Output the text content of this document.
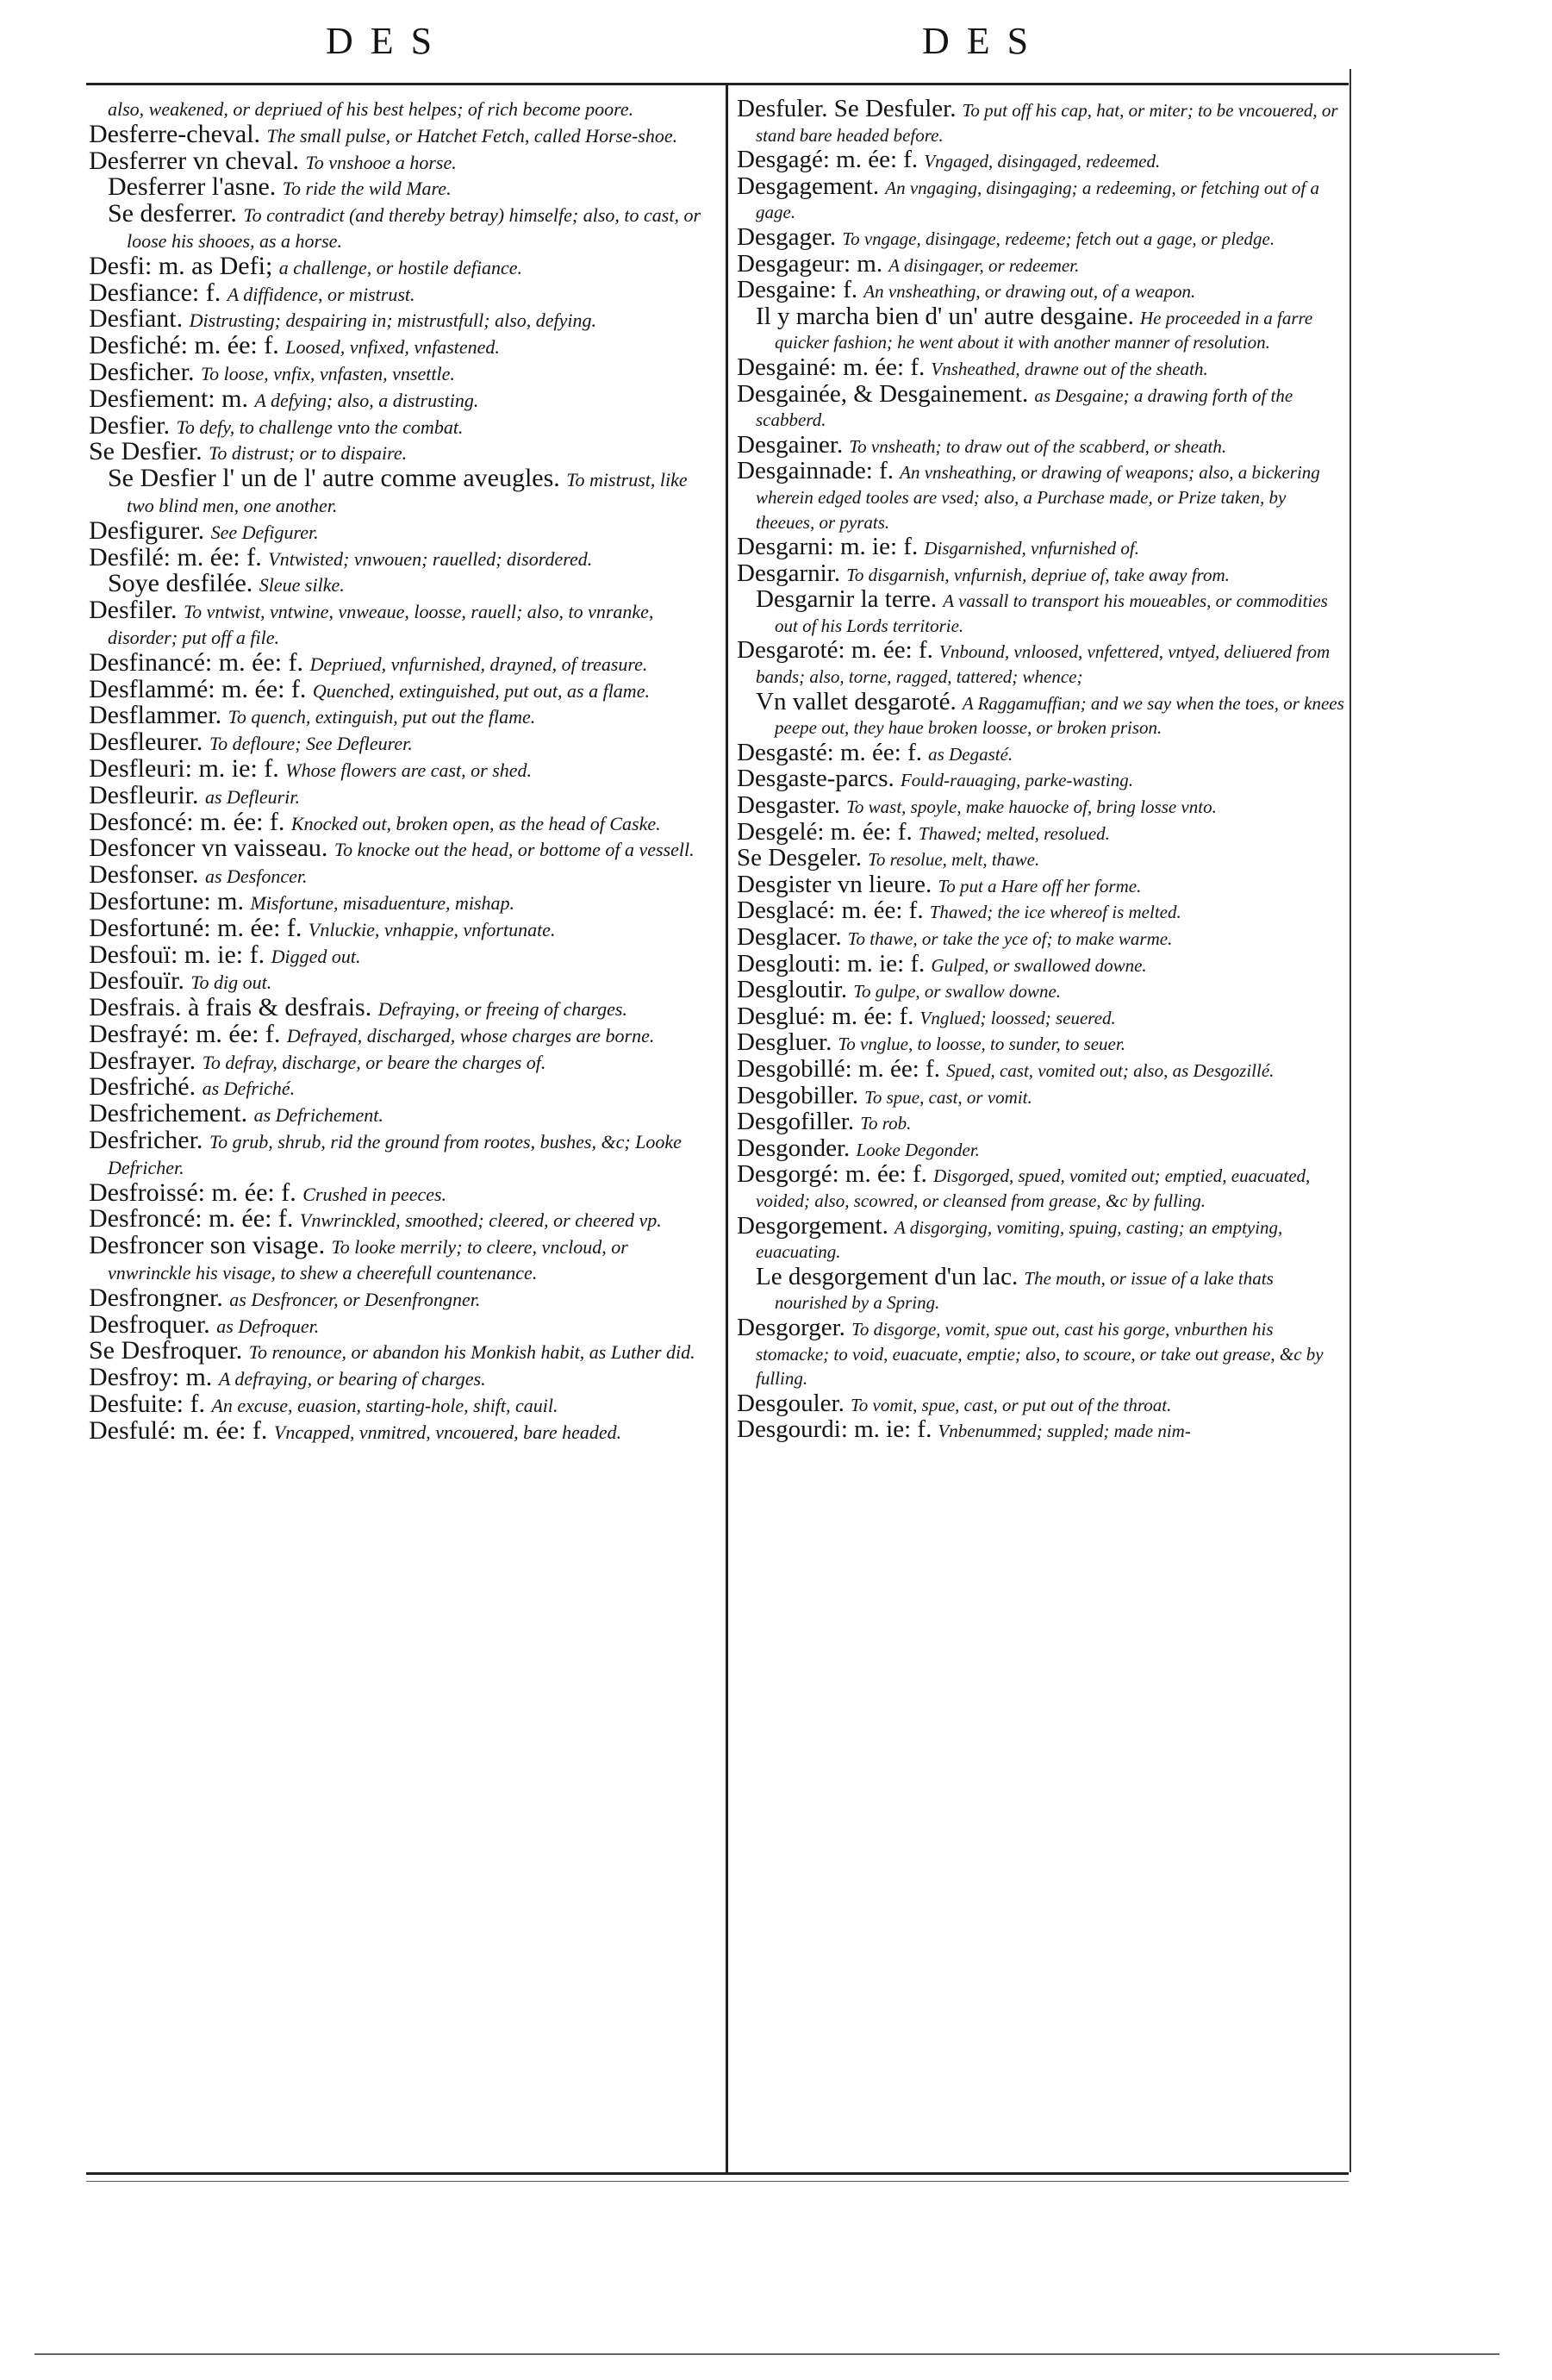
DES	DES

also, weakened, or depriued of his best helpes; of rich become poore.

Desferre-cheval. The small pulse, or Hatchet Fetch, called Horse-shoe.

Desferrer vn cheval. To vnshooe a horse.

Desferrer l'asne. To ride the wild Mare.

Se desferrer. To contradict (and thereby betray) himselfe; also, to cast, or loose his shooes, as a horse.

Desfi: m. as Defi; a challenge, or hostile defiance.

Desfiance: f. A diffidence, or mistrust.

Desfiant. Distrusting; despairing in; mistrustfull; also, defying.

Desfiché: m. ée: f. Loosed, vnfixed, vnfastened.

Desficher. To loose, vnfix, vnfasten, vnsettle.

Desfiement: m. A defying; also, a distrusting.

Desfier. To defy, to challenge vnto the combat.

Se Desfier. To distrust; or to dispaire.

Se Desfier l' un de l' autre comme aveugles. To mistrust, like two blind men, one another.

Desfigurer. See Defigurer.

Desfilé: m. ée: f. Vntwisted; vnwouen; rauelled; disordered.

Soye desfilée. Sleue silke.

Desfiler. To vntwist, vntwine, vnweaue, loosse, rauell; also, to vnranke, disorder; put off a file.

Desfinancé: m. ée: f. Depriued, vnfurnished, drayned, of treasure.

Desflammé: m. ée: f. Quenched, extinguished, put out, as a flame.

Desflammer. To quench, extinguish, put out the flame.

Desfleurer. To defloure; See Defleurer.

Desfleuri: m. ie: f. Whose flowers are cast, or shed.

Desfleurir. as Defleurir.

Desfoncé: m. ée: f. Knocked out, broken open, as the head of Caske.

Desfoncer vn vaisseau. To knocke out the head, or bottome of a vessell.

Desfonser. as Desfoncer.

Desfortune: m. Misfortune, misaduenture, mishap.

Desfortuné: m. ée: f. Vnluckie, vnhappie, vnfortunate.

Desfouï: m. ie: f. Digged out.

Desfouïr. To dig out.

Desfrais. à frais & desfrais. Defraying, or freeing of charges.

Desfrayé: m. ée: f. Defrayed, discharged, whose charges are borne.

Desfrayer. To defray, discharge, or beare the charges of.

Desfriché. as Defriché.

Desfrichement. as Defrichement.

Desfricher. To grub, shrub, rid the ground from rootes, bushes, &c; Looke Defricher.

Desfroissé: m. ée: f. Crushed in peeces.

Desfroncé: m. ée: f. Vnwrinckled, smoothed; cleered, or cheered vp.

Desfroncer son visage. To looke merrily; to cleere, vncloud, or vnwrinckle his visage, to shew a cheerefull countenance.

Desfrongner. as Desfroncer, or Desenfrongner.

Desfroquer. as Defroquer.

Se Desfroquer. To renounce, or abandon his Monkish habit, as Luther did.

Desfroy: m. A defraying, or bearing of charges.

Desfuite: f. An excuse, euasion, starting-hole, shift, cauil.

Desfulé: m. ée: f. Vncapped, vnmitred, vncouered, bare headed.

Desfuler. Se Desfuler. To put off his cap, hat, or miter; to be vncouered, or stand bare headed before.

Desgagé: m. ée: f. Vngaged, disingaged, redeemed.

Desgagement. An vngaging, disingaging; a redeeming, or fetching out of a gage.

Desgager. To vngage, disingage, redeeme; fetch out a gage, or pledge.

Desgageur: m. A disingager, or redeemer.

Desgaine: f. An vnsheathing, or drawing out, of a weapon.

Il y marcha bien d' un' autre desgaine. He proceeded in a farre quicker fashion; he went about it with another manner of resolution.

Desgainé: m. ée: f. Vnsheathed, drawne out of the sheath.

Desgainée, & Desgainement. as Desgaine; a drawing forth of the scabberd.

Desgainer. To vnsheath; to draw out of the scabberd, or sheath.

Desgainnade: f. An vnsheathing, or drawing of weapons; also, a bickering wherein edged tooles are vsed; also, a Purchase made, or Prize taken, by theeues, or pyrats.

Desgarni: m. ie: f. Disgarnished, vnfurnished of.

Desgarnir. To disgarnish, vnfurnish, depriue of, take away from.

Desgarnir la terre. A vassall to transport his moueables, or commodities out of his Lords territorie.

Desgaroté: m. ée: f. Vnbound, vnloosed, vnfettered, vntyed, deliuered from bands; also, torne, ragged, tattered; whence;

Vn vallet desgaroté. A Raggamuffian; and we say when the toes, or knees peepe out, they haue broken loosse, or broken prison.

Desgasté: m. ée: f. as Degasté.

Desgaste-parcs. Fould-rauaging, parke-wasting.

Desgaster. To wast, spoyle, make hauocke of, bring losse vnto.

Desgelé: m. ée: f. Thawed; melted, resolued.

Se Desgeler. To resolue, melt, thawe.

Desgister vn lieure. To put a Hare off her forme.

Desglacé: m. ée: f. Thawed; the ice whereof is melted.

Desglacer. To thawe, or take the yce of; to make warme.

Desglouti: m. ie: f. Gulped, or swallowed downe.

Desgloutir. To gulpe, or swallow downe.

Desglué: m. ée: f. Vnglued; loossed; seuered.

Desgluer. To vnglue, to loosse, to sunder, to seuer.

Desgobillé: m. ée: f. Spued, cast, vomited out; also, as Desgozillé.

Desgobiller. To spue, cast, or vomit.

Desgofiller. To rob.

Desgonder. Looke Degonder.

Desgorgé: m. ée: f. Disgorged, spued, vomited out; emptied, euacuated, voided; also, scowred, or cleansed from grease, &c by fulling.

Desgorgement. A disgorging, vomiting, spuing, casting; an emptying, euacuating.

Le desgorgement d'un lac. The mouth, or issue of a lake thats nourished by a Spring.

Desgorger. To disgorge, vomit, spue out, cast his gorge, vnburthen his stomacke; to void, euacuate, emptie; also, to scoure, or take out grease, &c by fulling.

Desgouler. To vomit, spue, cast, or put out of the throat.

Desgourdi: m. ie: f. Vnbenummed; suppled; made nim-
